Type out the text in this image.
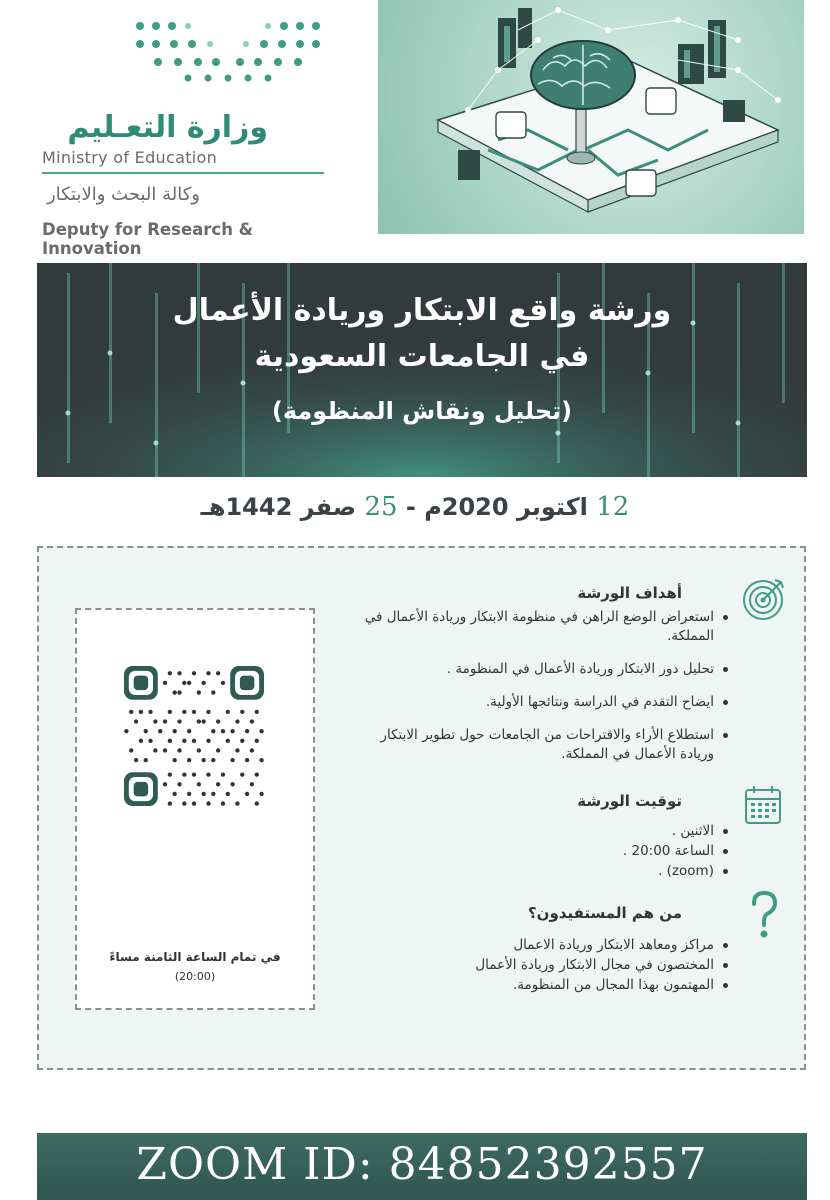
وزارة التعـليم
Ministry of Education
وكالة البحث والابتكار
Deputy for Research & Innovation
ورشة واقع الابتكار وريادة الأعمال
في الجامعات السعودية
(تحليل ونقاش المنظومة)
12 اكتوبر 2020م - 25 صفر 1442هـ
في تمام الساعة الثامنة مساءً
(20:00)
أهداف الورشة
استعراض الوضع الراهن في منظومة الابتكار وريادة الأعمال في المملكة.
تحليل دور الابتكار وريادة الأعمال في المنظومة .
ايضاح التقدم في الدراسة ونتائجها الأولية.
استطلاع الأراء والاقتراحات من الجامعات حول تطوير الابتكار وريادة الأعمال في المملكة.
توقيت الورشة
الاثنين .
الساعة 20:00 .
(zoom) .
من هم المستفيدون؟
مراكز ومعاهد الابتكار وريادة الاعمال
المختصون في مجال الابتكار وريادة الأعمال
المهتمون بهذا المجال من المنظومة.
ZOOM ID: 84852392557
